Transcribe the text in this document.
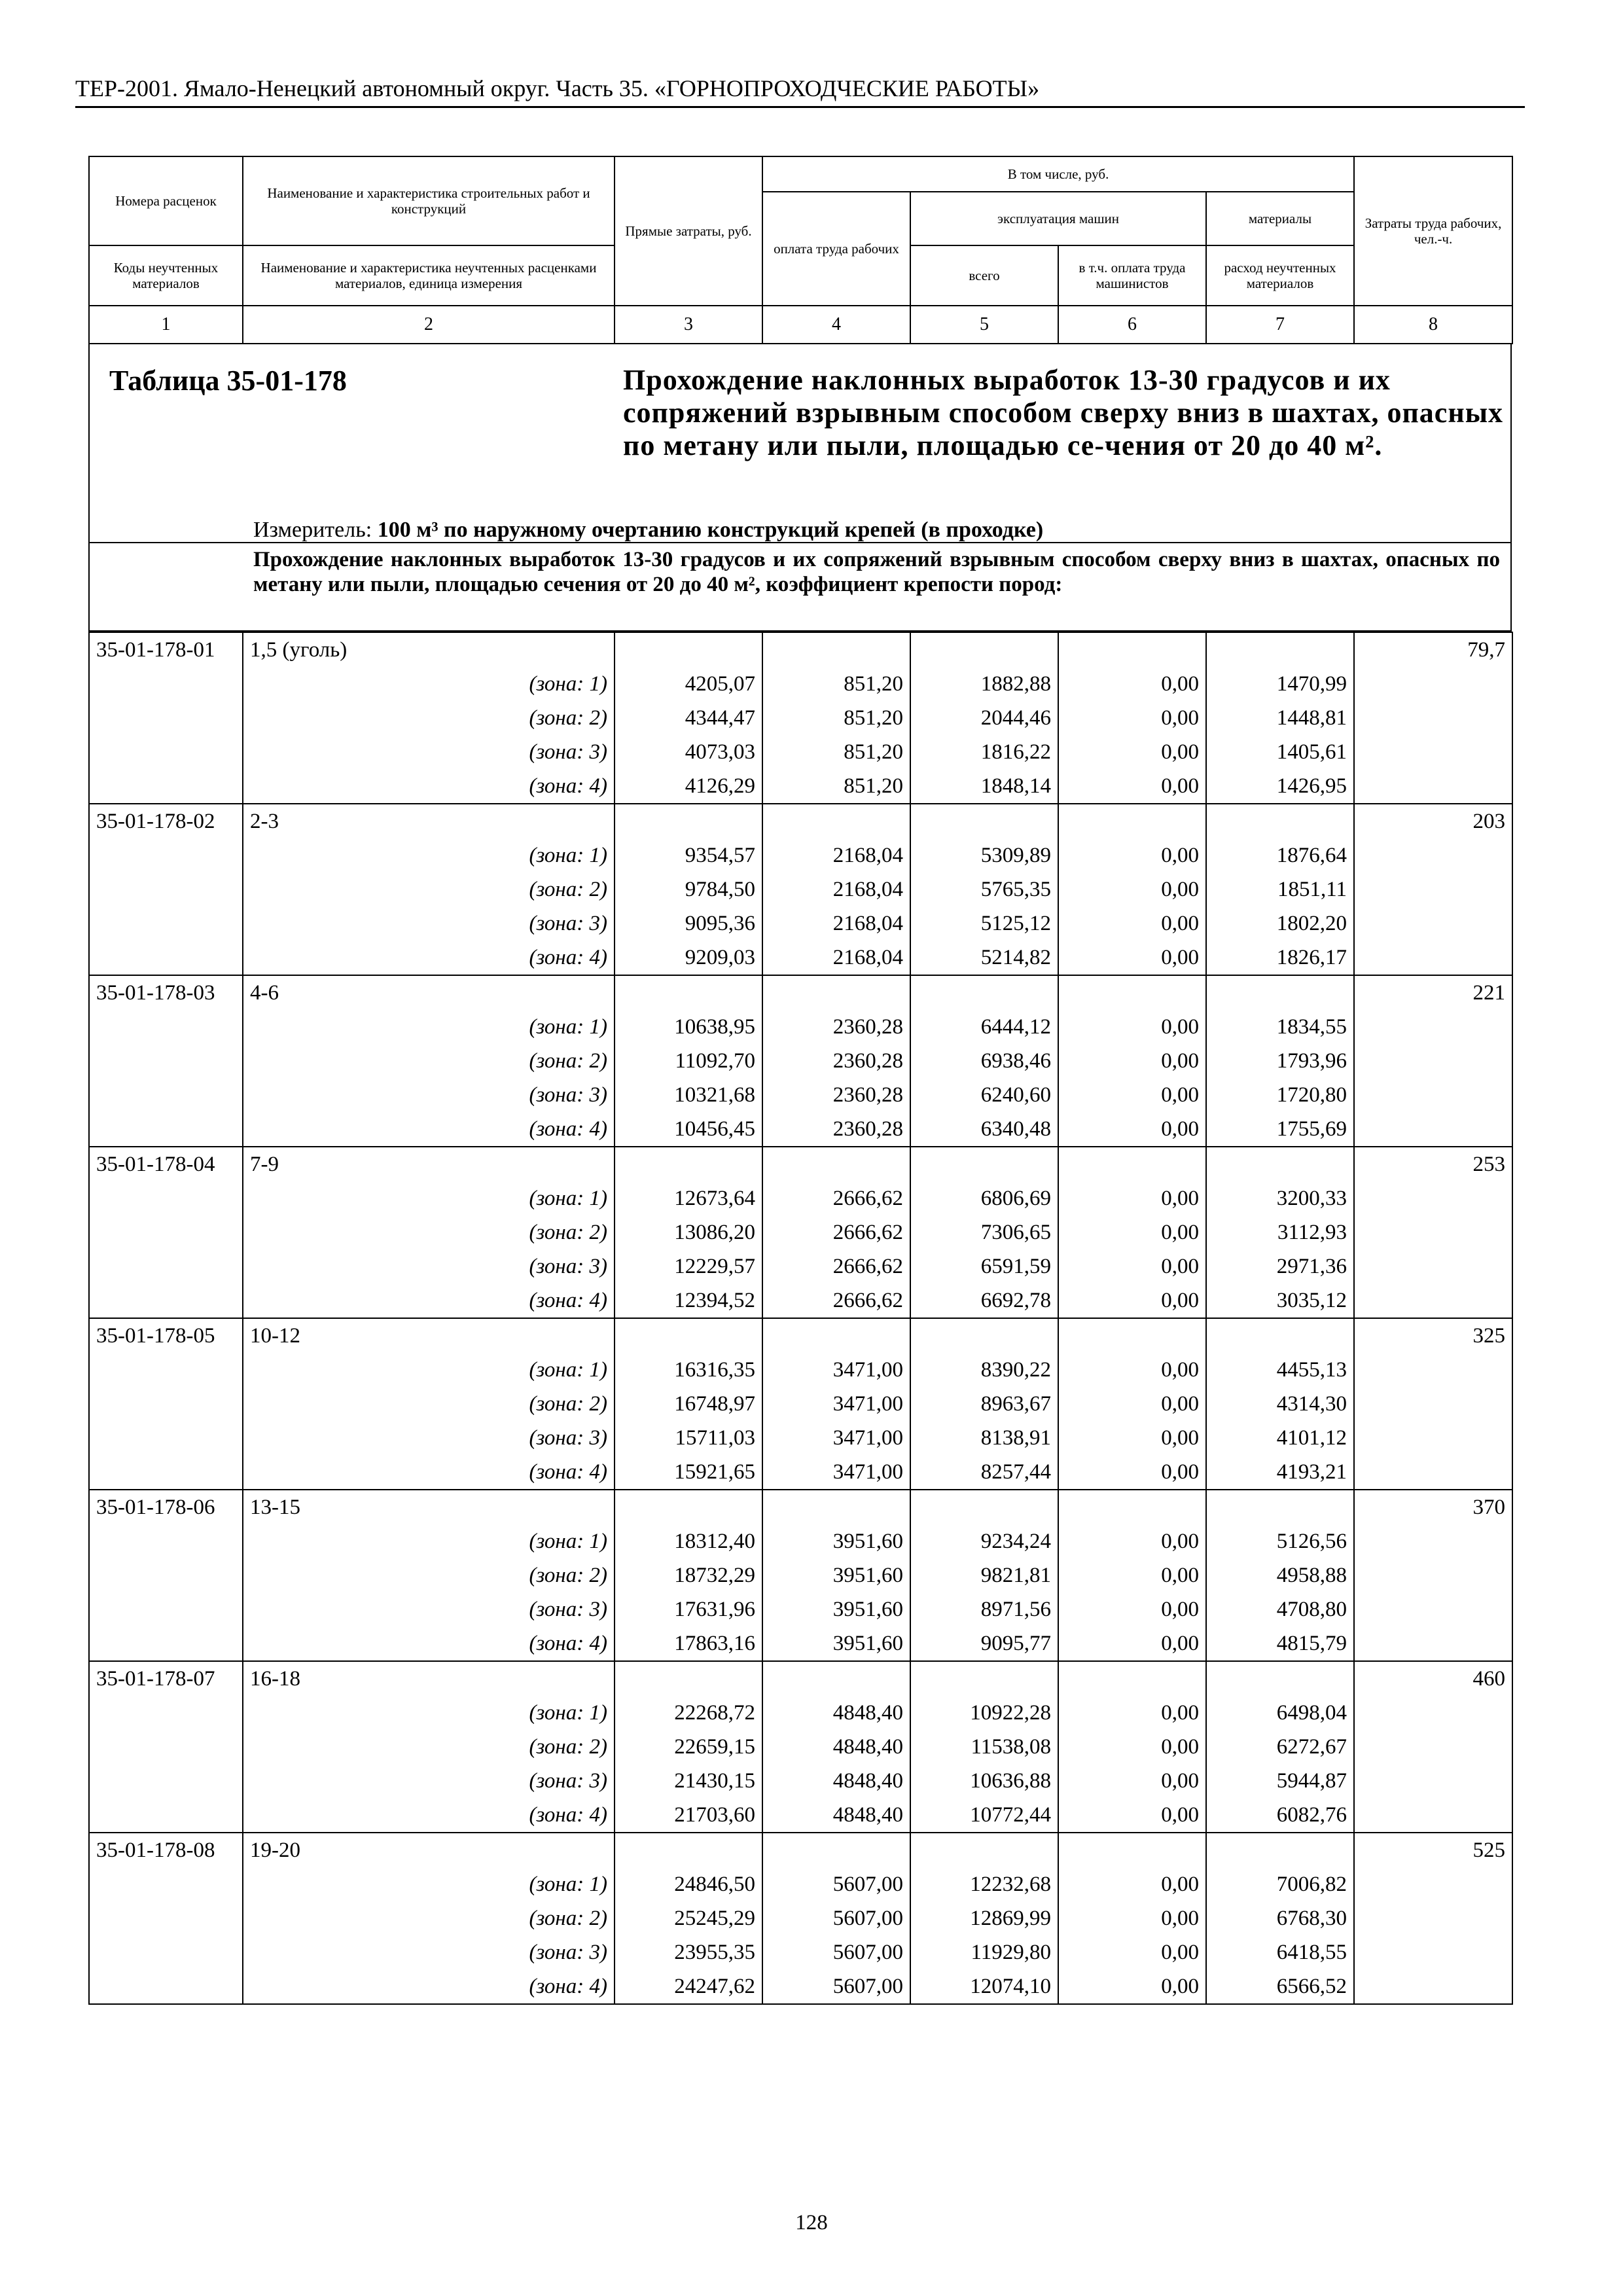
ТЕР-2001. Ямало-Ненецкий автономный округ. Часть 35. «ГОРНОПРОХОДЧЕСКИЕ РАБОТЫ»
Номера расценок	Наименование и характеристика строительных работ и конструкций	Прямые затраты, руб.	В том числе, руб.				Затраты труда рабочих, чел.-ч.
			оплата труда рабочих	эксплуатация машин		материалы	
Коды неучтенных материалов	Наименование и характеристика неучтенных расценками материалов, единица измерения			всего	в т.ч. оплата труда машинистов	расход неучтенных материалов	
1	2	3	4	5	6	7	8
Таблица 35-01-178	Прохождение наклонных выработок 13-30 градусов и их сопряжений взрывным способом сверху вниз в шахтах, опасных по метану или пыли, площадью се-чения от 20 до 40 м².
Измеритель: 100 м³ по наружному очертанию конструкций крепей (в проходке)
Прохождение наклонных выработок 13-30 градусов и их сопряжений взрывным способом сверху вниз в шахтах, опасных по метану или пыли, площадью сечения от 20 до 40 м², коэффициент крепости пород:
35-01-178-01	1,5 (уголь)						79,7
	(зона: 1)	4205,07	851,20	1882,88	0,00	1470,99	
	(зона: 2)	4344,47	851,20	2044,46	0,00	1448,81	
	(зона: 3)	4073,03	851,20	1816,22	0,00	1405,61	
	(зона: 4)	4126,29	851,20	1848,14	0,00	1426,95	
35-01-178-02	2-3						203
	(зона: 1)	9354,57	2168,04	5309,89	0,00	1876,64	
	(зона: 2)	9784,50	2168,04	5765,35	0,00	1851,11	
	(зона: 3)	9095,36	2168,04	5125,12	0,00	1802,20	
	(зона: 4)	9209,03	2168,04	5214,82	0,00	1826,17	
35-01-178-03	4-6						221
	(зона: 1)	10638,95	2360,28	6444,12	0,00	1834,55	
	(зона: 2)	11092,70	2360,28	6938,46	0,00	1793,96	
	(зона: 3)	10321,68	2360,28	6240,60	0,00	1720,80	
	(зона: 4)	10456,45	2360,28	6340,48	0,00	1755,69	
35-01-178-04	7-9						253
	(зона: 1)	12673,64	2666,62	6806,69	0,00	3200,33	
	(зона: 2)	13086,20	2666,62	7306,65	0,00	3112,93	
	(зона: 3)	12229,57	2666,62	6591,59	0,00	2971,36	
	(зона: 4)	12394,52	2666,62	6692,78	0,00	3035,12	
35-01-178-05	10-12						325
	(зона: 1)	16316,35	3471,00	8390,22	0,00	4455,13	
	(зона: 2)	16748,97	3471,00	8963,67	0,00	4314,30	
	(зона: 3)	15711,03	3471,00	8138,91	0,00	4101,12	
	(зона: 4)	15921,65	3471,00	8257,44	0,00	4193,21	
35-01-178-06	13-15						370
	(зона: 1)	18312,40	3951,60	9234,24	0,00	5126,56	
	(зона: 2)	18732,29	3951,60	9821,81	0,00	4958,88	
	(зона: 3)	17631,96	3951,60	8971,56	0,00	4708,80	
	(зона: 4)	17863,16	3951,60	9095,77	0,00	4815,79	
35-01-178-07	16-18						460
	(зона: 1)	22268,72	4848,40	10922,28	0,00	6498,04	
	(зона: 2)	22659,15	4848,40	11538,08	0,00	6272,67	
	(зона: 3)	21430,15	4848,40	10636,88	0,00	5944,87	
	(зона: 4)	21703,60	4848,40	10772,44	0,00	6082,76	
35-01-178-08	19-20						525
	(зона: 1)	24846,50	5607,00	12232,68	0,00	7006,82	
	(зона: 2)	25245,29	5607,00	12869,99	0,00	6768,30	
	(зона: 3)	23955,35	5607,00	11929,80	0,00	6418,55	
	(зона: 4)	24247,62	5607,00	12074,10	0,00	6566,52	
128
